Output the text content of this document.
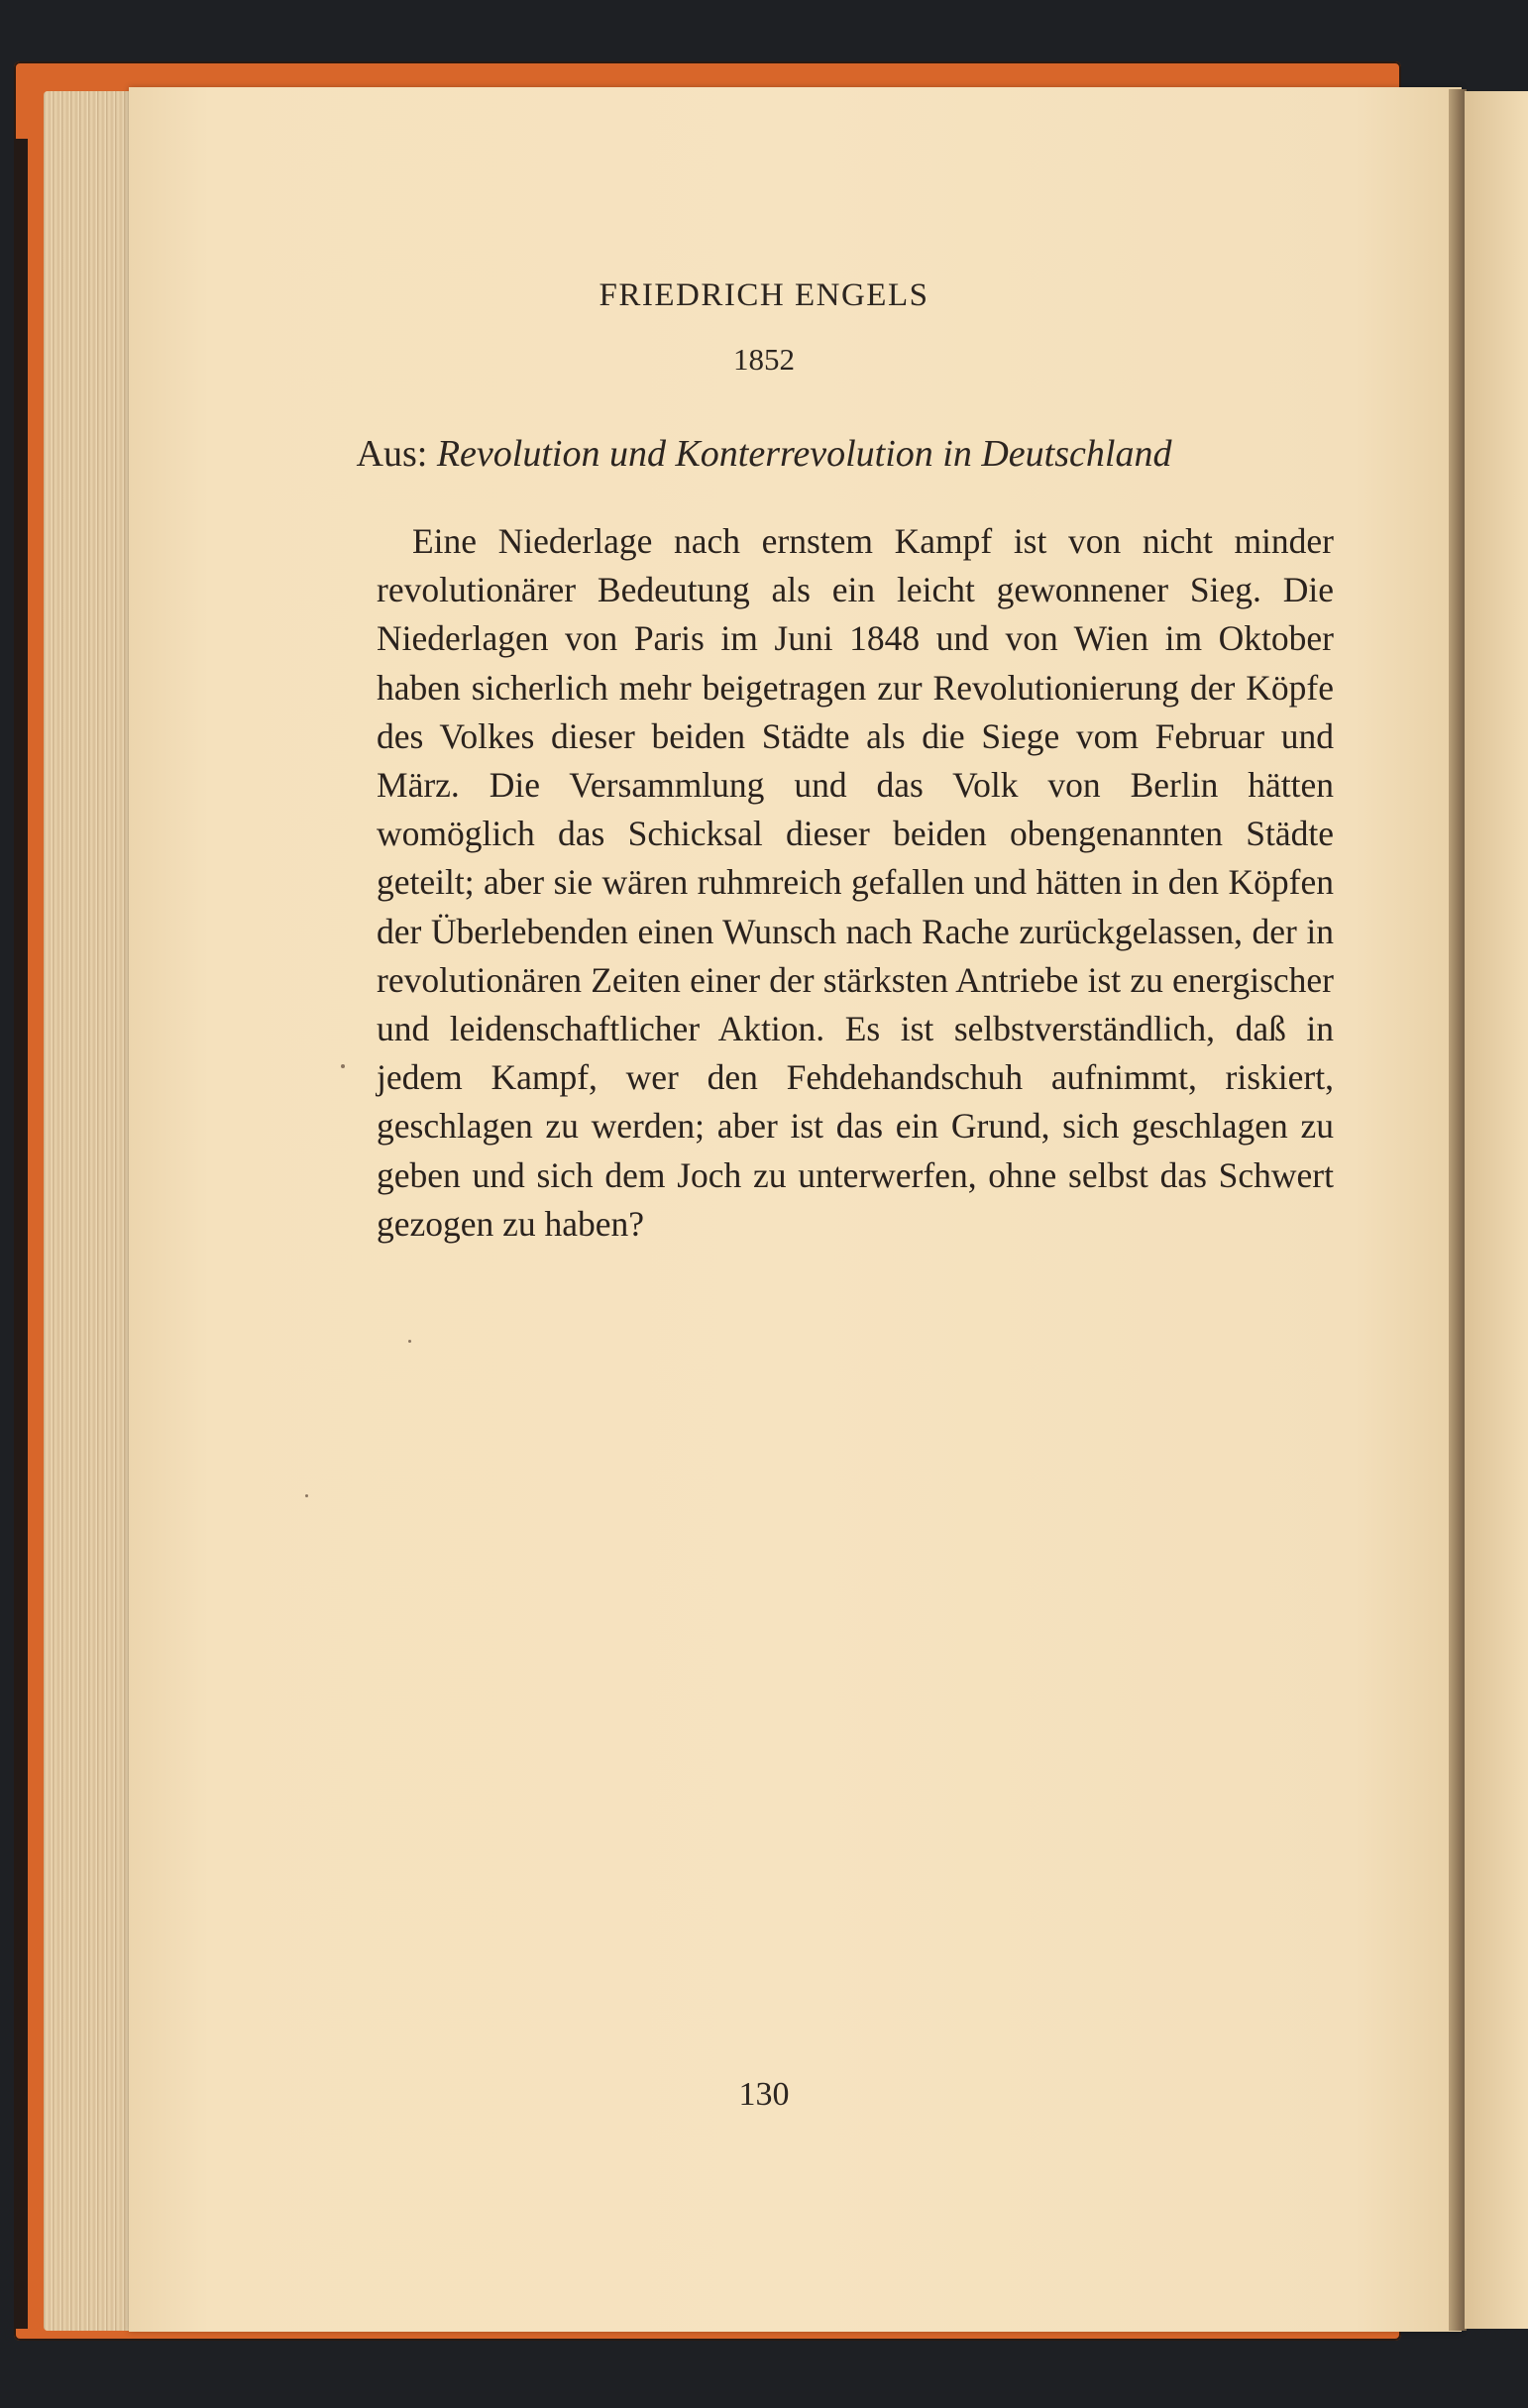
FRIEDRICH ENGELS
1852
Aus: Revolution und Konterrevolution in Deutschland

Eine Niederlage nach ernstem Kampf ist von nicht minder revolutionärer Bedeutung als ein leicht gewonnener Sieg. Die Niederlagen von Paris im Juni 1848 und von Wien im Oktober haben sicherlich mehr beigetragen zur Revolutionierung der Köpfe des Volkes dieser beiden Städte als die Siege vom Februar und März. Die Versammlung und das Volk von Berlin hätten womöglich das Schicksal dieser beiden obengenannten Städte geteilt; aber sie wären ruhmreich gefallen und hätten in den Köpfen der Überlebenden einen Wunsch nach Rache zurückgelassen, der in revolutionären Zeiten einer der stärksten Antriebe ist zu energischer und leidenschaftlicher Aktion. Es ist selbstverständlich, daß in jedem Kampf, wer den Fehdehandschuh aufnimmt, riskiert, geschlagen zu werden; aber ist das ein Grund, sich geschlagen zu geben und sich dem Joch zu unterwerfen, ohne selbst das Schwert gezogen zu haben?

130
